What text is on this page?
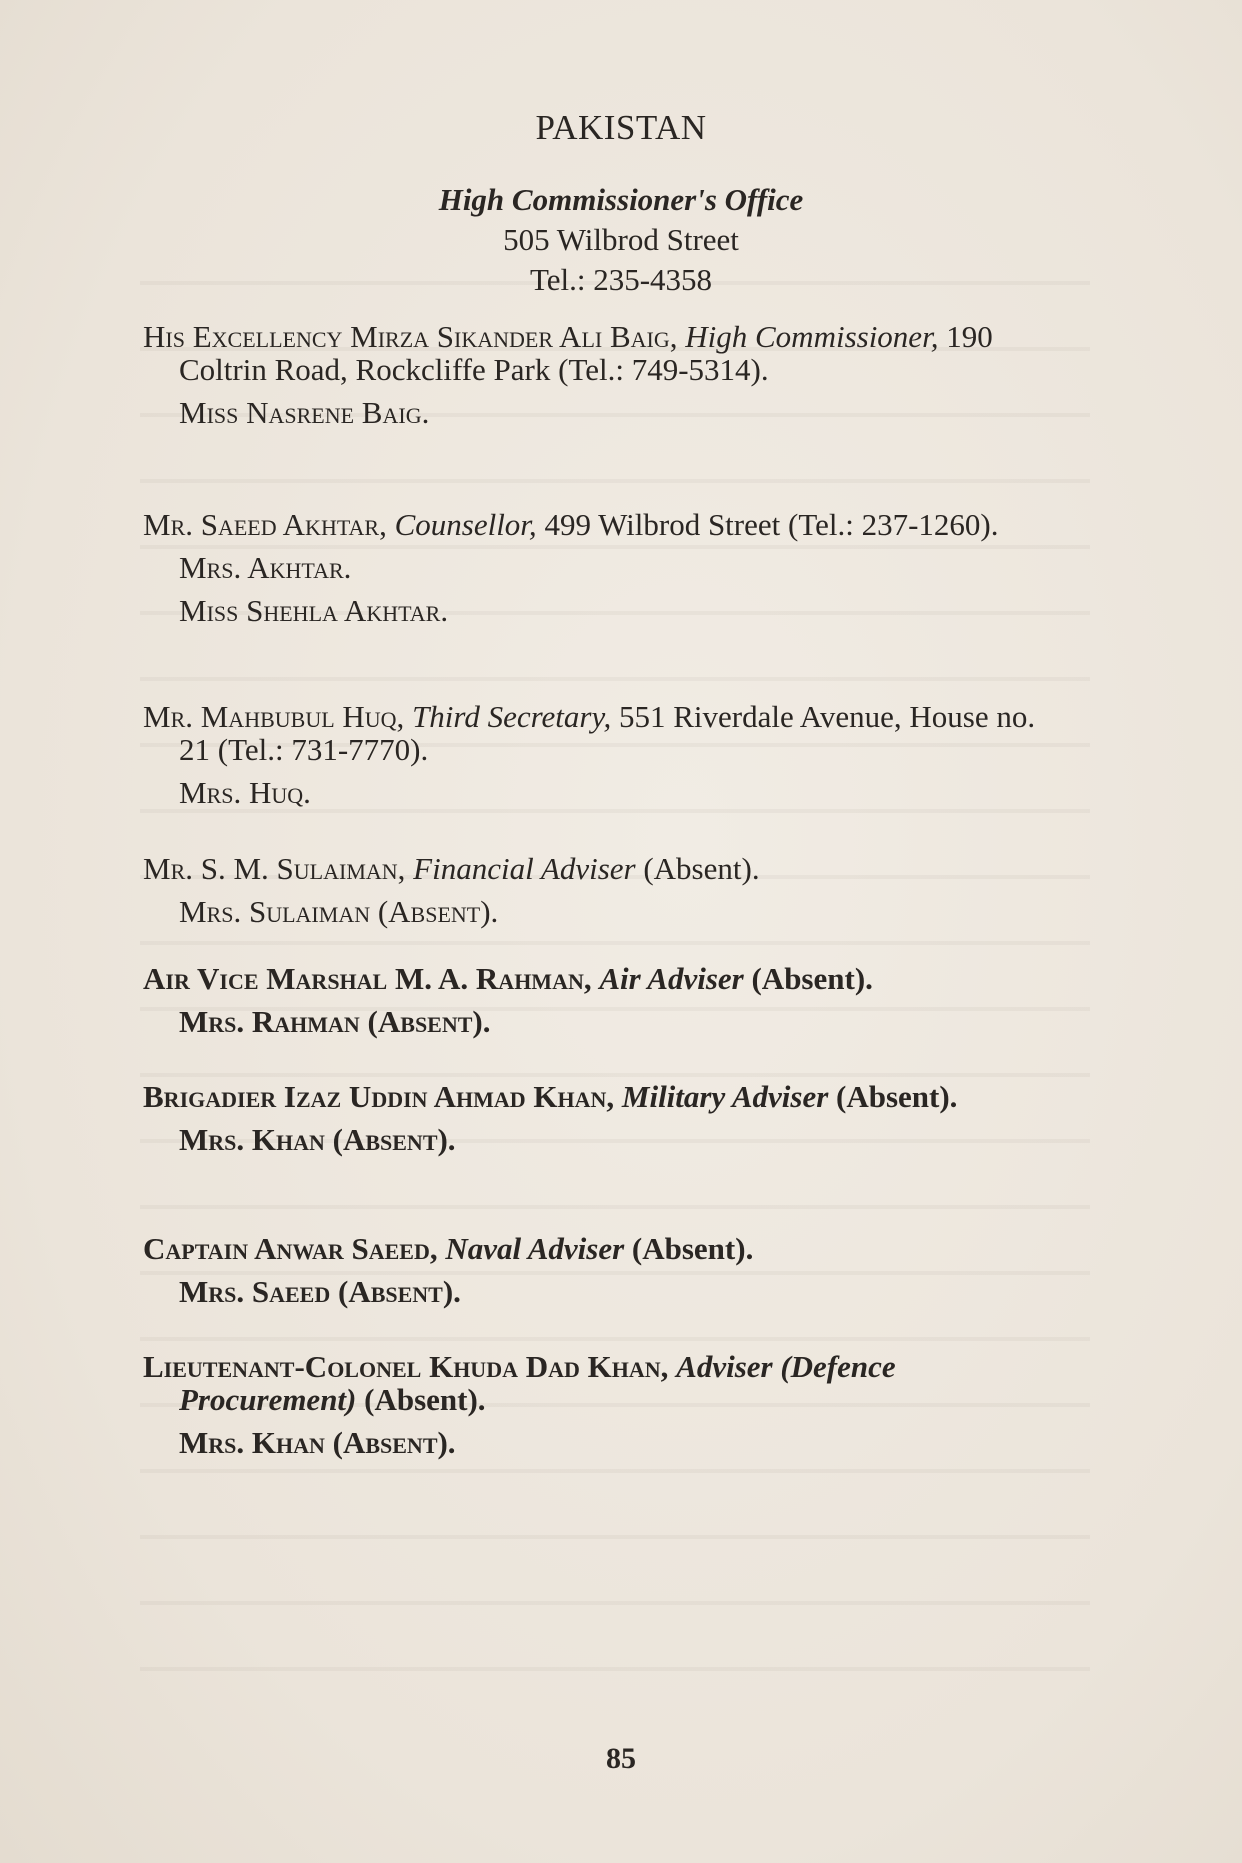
PAKISTAN
High Commissioner's Office
505 Wilbrod Street
Tel.: 235-4358

His Excellency Mirza Sikander Ali Baig, High Commissioner, 190 Coltrin Road, Rockcliffe Park (Tel.: 749-5314).

Miss Nasrene Baig.

Mr. Saeed Akhtar, Counsellor, 499 Wilbrod Street (Tel.: 237-1260).

Mrs. Akhtar.

Miss Shehla Akhtar.

Mr. Mahbubul Huq, Third Secretary, 551 Riverdale Avenue, House no. 21 (Tel.: 731-7770).

Mrs. Huq.

Mr. S. M. Sulaiman, Financial Adviser (Absent).

Mrs. Sulaiman (Absent).

Air Vice Marshal M. A. Rahman, Air Adviser (Absent).

Mrs. Rahman (Absent).

Brigadier Izaz Uddin Ahmad Khan, Military Adviser (Absent).

Mrs. Khan (Absent).

Captain Anwar Saeed, Naval Adviser (Absent).

Mrs. Saeed (Absent).

Lieutenant-Colonel Khuda Dad Khan, Adviser (Defence Procurement) (Absent).

Mrs. Khan (Absent).

85
